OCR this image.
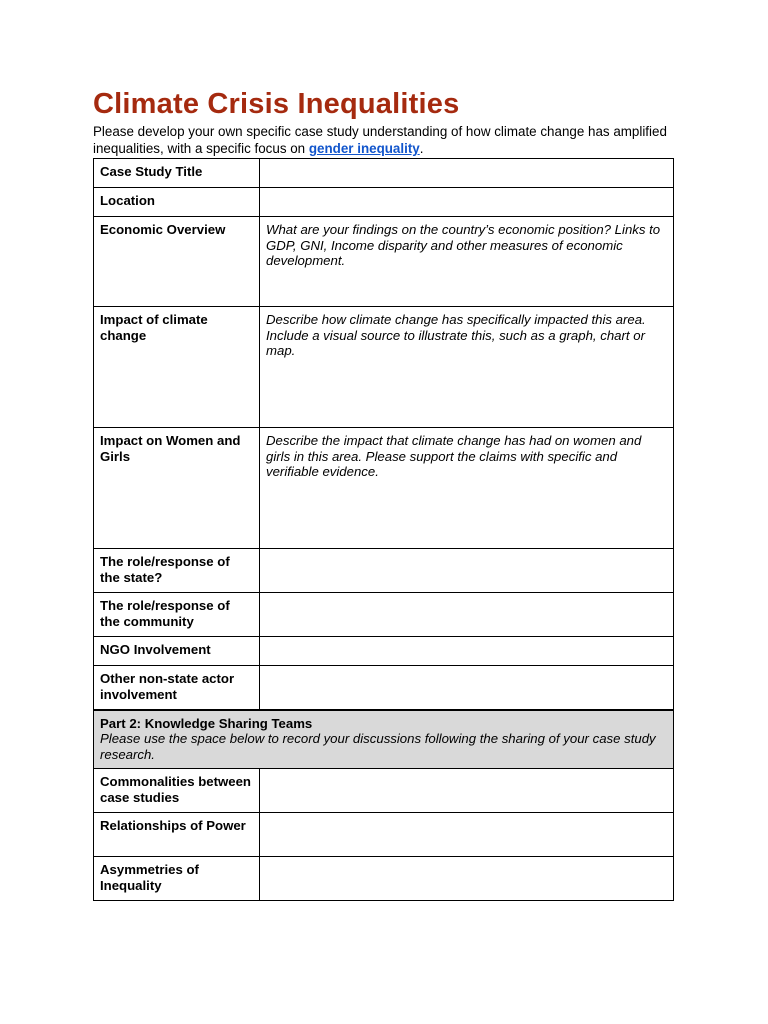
Climate Crisis Inequalities

Please develop your own specific case study understanding of how climate change has amplified inequalities, with a specific focus on gender inequality.

Case Study Title	
Location	
Economic Overview	What are your findings on the country’s economic position? Links to GDP, GNI, Income disparity and other measures of economic development.
Impact of climate change	Describe how climate change has specifically impacted this area. Include a visual source to illustrate this, such as a graph, chart or map.
Impact on Women and Girls	Describe the impact that climate change has had on women and girls in this area. Please support the claims with specific and verifiable evidence.
The role/response of the state?	
The role/response of the community	
NGO Involvement	
Other non-state actor involvement	

Part 2: Knowledge Sharing Teams
Please use the space below to record your discussions following the sharing of your case study research.	

Commonalities between case studies	
Relationships of Power	
Asymmetries of Inequality	
